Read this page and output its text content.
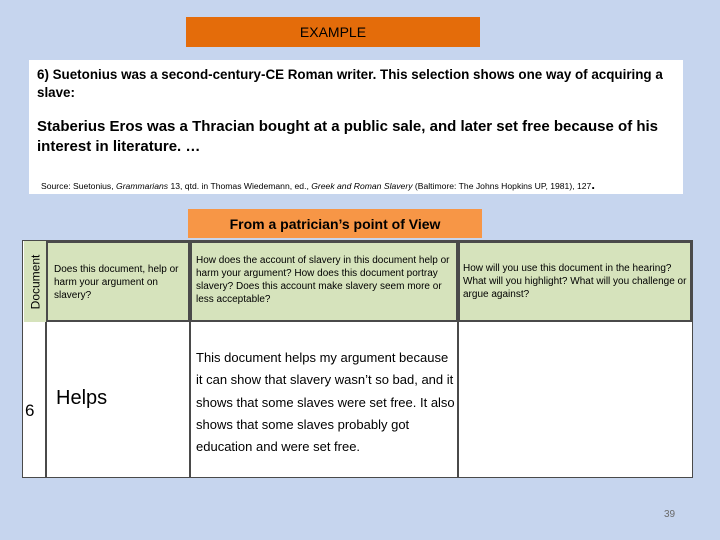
EXAMPLE
6) Suetonius was a second-century-CE Roman writer. This selection shows one way of acquiring a slave:
Staberius Eros was a Thracian bought at a public sale, and later set free because of his interest in literature. …
Source: Suetonius, Grammarians 13, qtd. in Thomas Wiedemann, ed., Greek and Roman Slavery (Baltimore: The Johns Hopkins UP, 1981), 127.
From a patrician’s point of View
Document Does this document, help or harm your argument on slavery?
How does the account of slavery in this document help or harm your argument? How does this document portray slavery? Does this account make slavery seem more or less acceptable?
How will you use this document in the hearing? What will you highlight? What will you challenge or argue against?
6
Helps
This document helps my argument because it can show that slavery wasn’t so bad, and it shows that some slaves were set free. It also shows that some slaves probably got education and were set free.
39
